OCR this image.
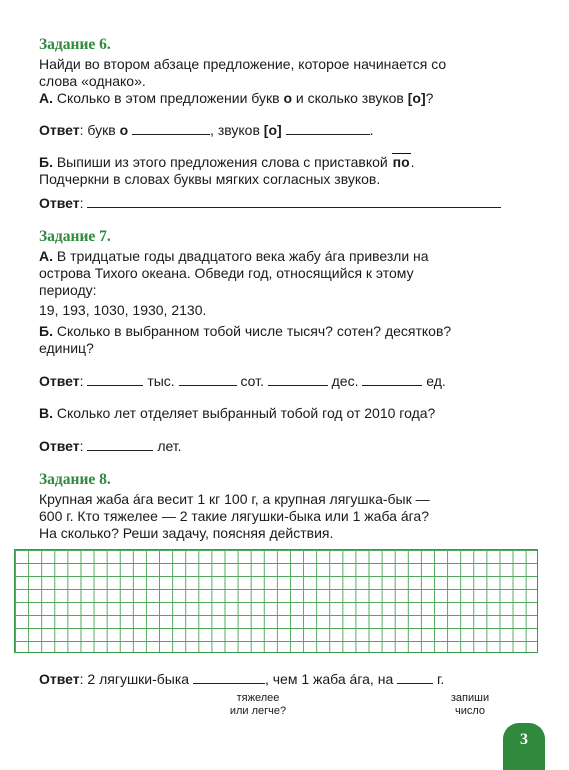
Задание 6.
Найди во втором абзаце предложение, которое начинается со
слова «однако».
А. Сколько в этом предложении букв о и сколько звуков [о]?
Ответ: букв о	, звуков [о]	.
Б. Выпиши из этого предложения слова с приставкой по.
Подчеркни в словах буквы мягких согласных звуков.
Ответ:
Задание 7.
А. В тридцатые годы двадцатого века жабу áга привезли на
острова Тихого океана. Обведи год, относящийся к этому
периоду:
19, 193, 1030, 1930, 2130.
Б. Сколько в выбранном тобой числе тысяч? сотен? десятков?
единиц?
Ответ:	тыс.	сот.	дес.	ед.
В. Сколько лет отделяет выбранный тобой год от 2010 года?
Ответ:	лет.
Задание 8.
Крупная жаба áга весит 1 кг 100 г, а крупная лягушка-бык —
600 г. Кто тяжелее — 2 такие лягушки-быка или 1 жаба áга?
На сколько? Реши задачу, поясняя действия.
Ответ: 2 лягушки-быка	, чем 1 жаба áга, на	г.
тяжелее
или легче?
запиши
число
3
